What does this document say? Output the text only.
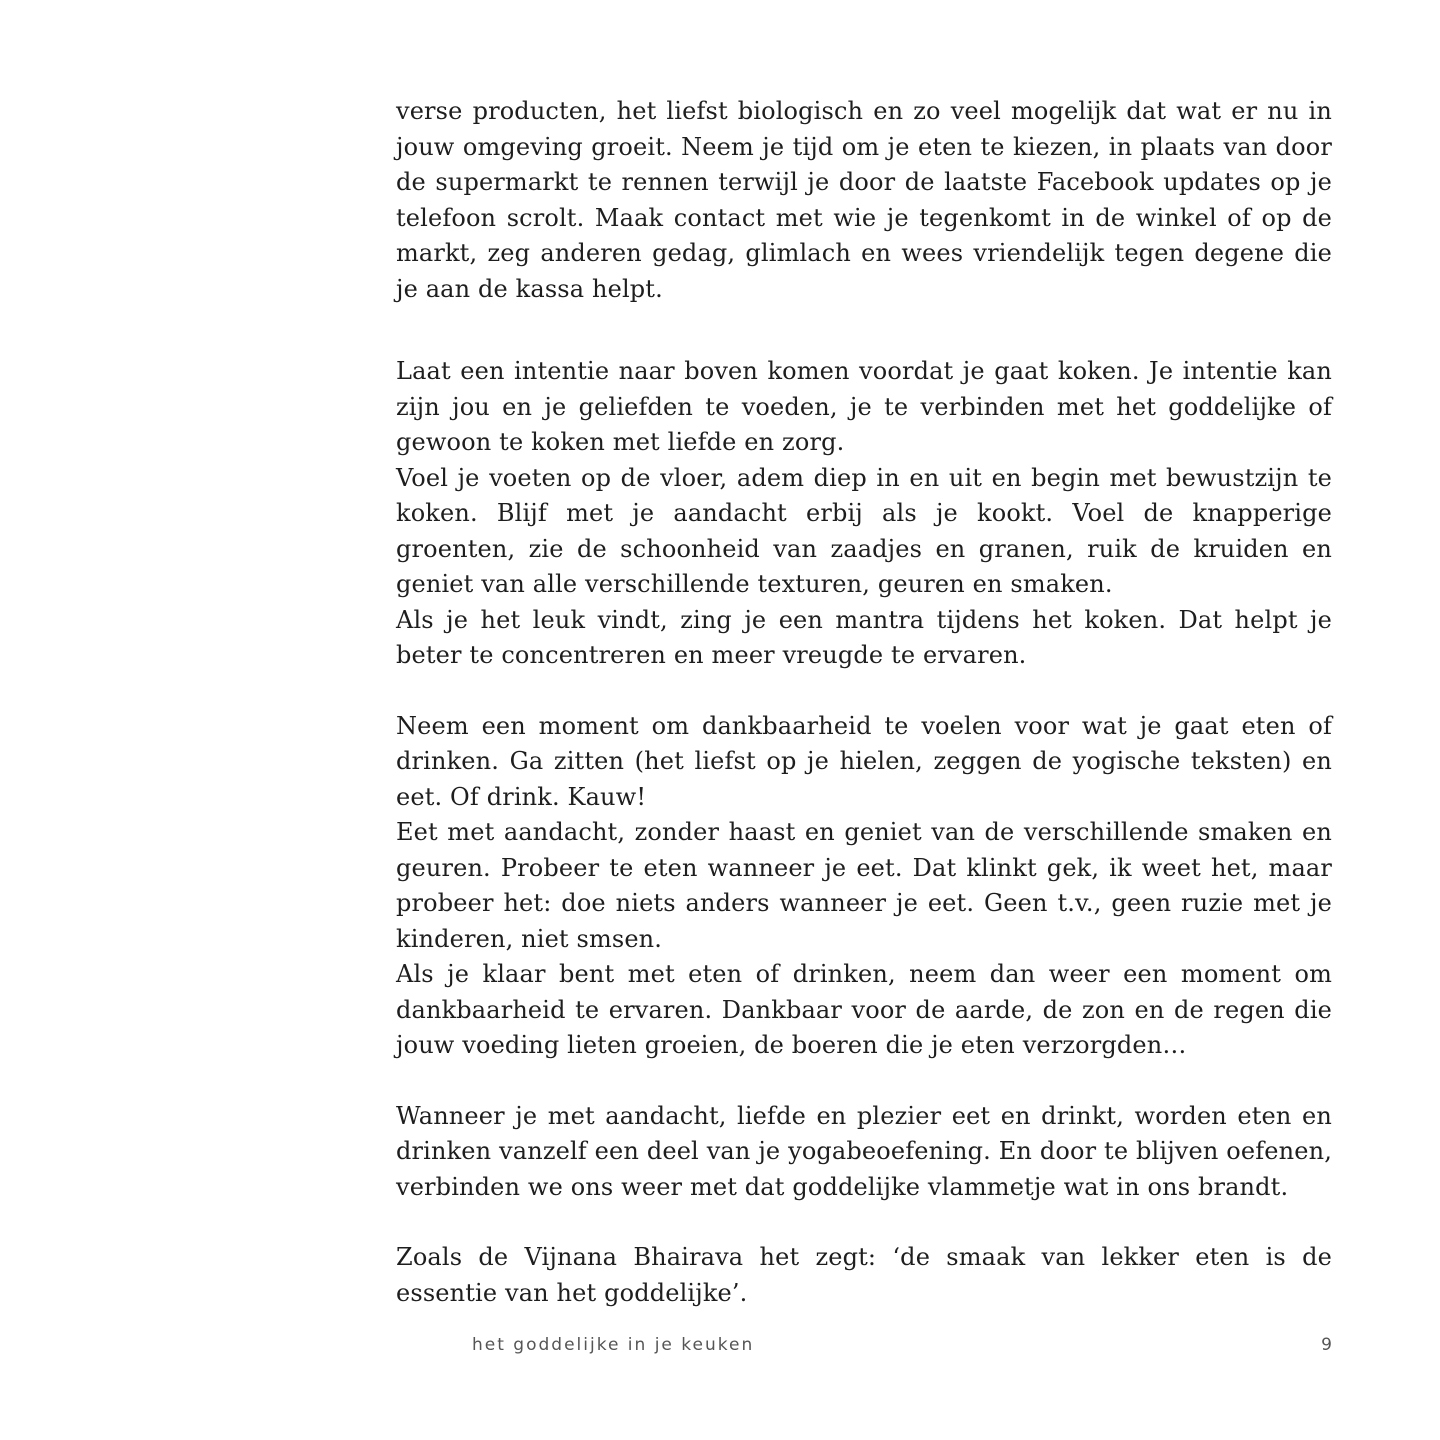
verse producten, het liefst biologisch en zo veel mogelijk dat wat er nu in jouw omgeving groeit. Neem je tijd om je eten te kiezen, in plaats van door de supermarkt te rennen terwijl je door de laatste Facebook updates op je telefoon scrolt. Maak contact met wie je tegenkomt in de winkel of op de markt, zeg anderen gedag, glimlach en wees vriendelijk tegen degene die je aan de kassa helpt.

Laat een intentie naar boven komen voordat je gaat koken. Je intentie kan zijn jou en je geliefden te voeden, je te verbinden met het goddelijke of gewoon te koken met liefde en zorg.

Voel je voeten op de vloer, adem diep in en uit en begin met bewustzijn te koken. Blijf met je aandacht erbij als je kookt. Voel de knapperige groenten, zie de schoonheid van zaadjes en granen, ruik de kruiden en geniet van alle verschillende texturen, geuren en smaken.

Als je het leuk vindt, zing je een mantra tijdens het koken. Dat helpt je beter te concentreren en meer vreugde te ervaren.

Neem een moment om dankbaarheid te voelen voor wat je gaat eten of drinken. Ga zitten (het liefst op je hielen, zeggen de yogische teksten) en eet. Of drink. Kauw!

Eet met aandacht, zonder haast en geniet van de verschillende smaken en geuren. Probeer te eten wanneer je eet. Dat klinkt gek, ik weet het, maar probeer het: doe niets anders wanneer je eet. Geen t.v., geen ruzie met je kinderen, niet smsen.

Als je klaar bent met eten of drinken, neem dan weer een moment om dankbaarheid te ervaren. Dankbaar voor de aarde, de zon en de regen die jouw voeding lieten groeien, de boeren die je eten verzorgden…

Wanneer je met aandacht, liefde en plezier eet en drinkt, worden eten en drinken vanzelf een deel van je yogabeoefening. En door te blijven oefenen, verbinden we ons weer met dat goddelijke vlammetje wat in ons brandt.

Zoals de Vijnana Bhairava het zegt: ‘de smaak van lekker eten is de essentie van het goddelijke’.

het goddelijke in je keuken	9
